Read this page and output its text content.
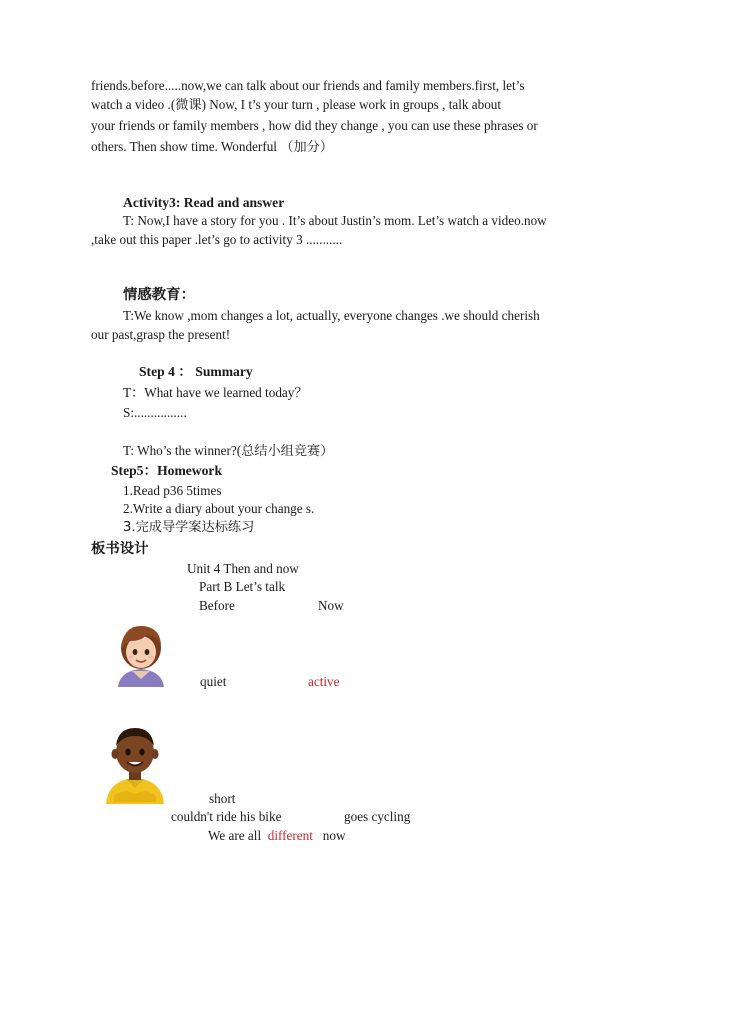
friends.before.....now,we can talk about our friends and family members.first, let’s
watch a video .(微课) Now, I t’s your turn , please work in groups , talk about
your friends or family members , how did they change , you can use these phrases or
others. Then show time. Wonderful （加分）
Activity3: Read and answer
T: Now,I have a story for you . It’s about Justin’s mom. Let’s watch a video.now
,take out this paper .let’s go to activity 3 ...........
情感教育：
T:We know ,mom changes a lot, actually, everyone changes .we should cherish
our past,grasp the present!
Step 4 ： Summary
T：What have we learned today？
S:................
T: Who’s the winner?(总结小组竞赛）
Step5：Homework
1.Read p36 5times
2.Write a diary about your change s.
3.完成导学案达标练习
板书设计
Unit 4 Then and now
Part B Let’s talk
Before	Now
quiet	active
short
couldn't ride his bike	goes cycling
We are all different now
